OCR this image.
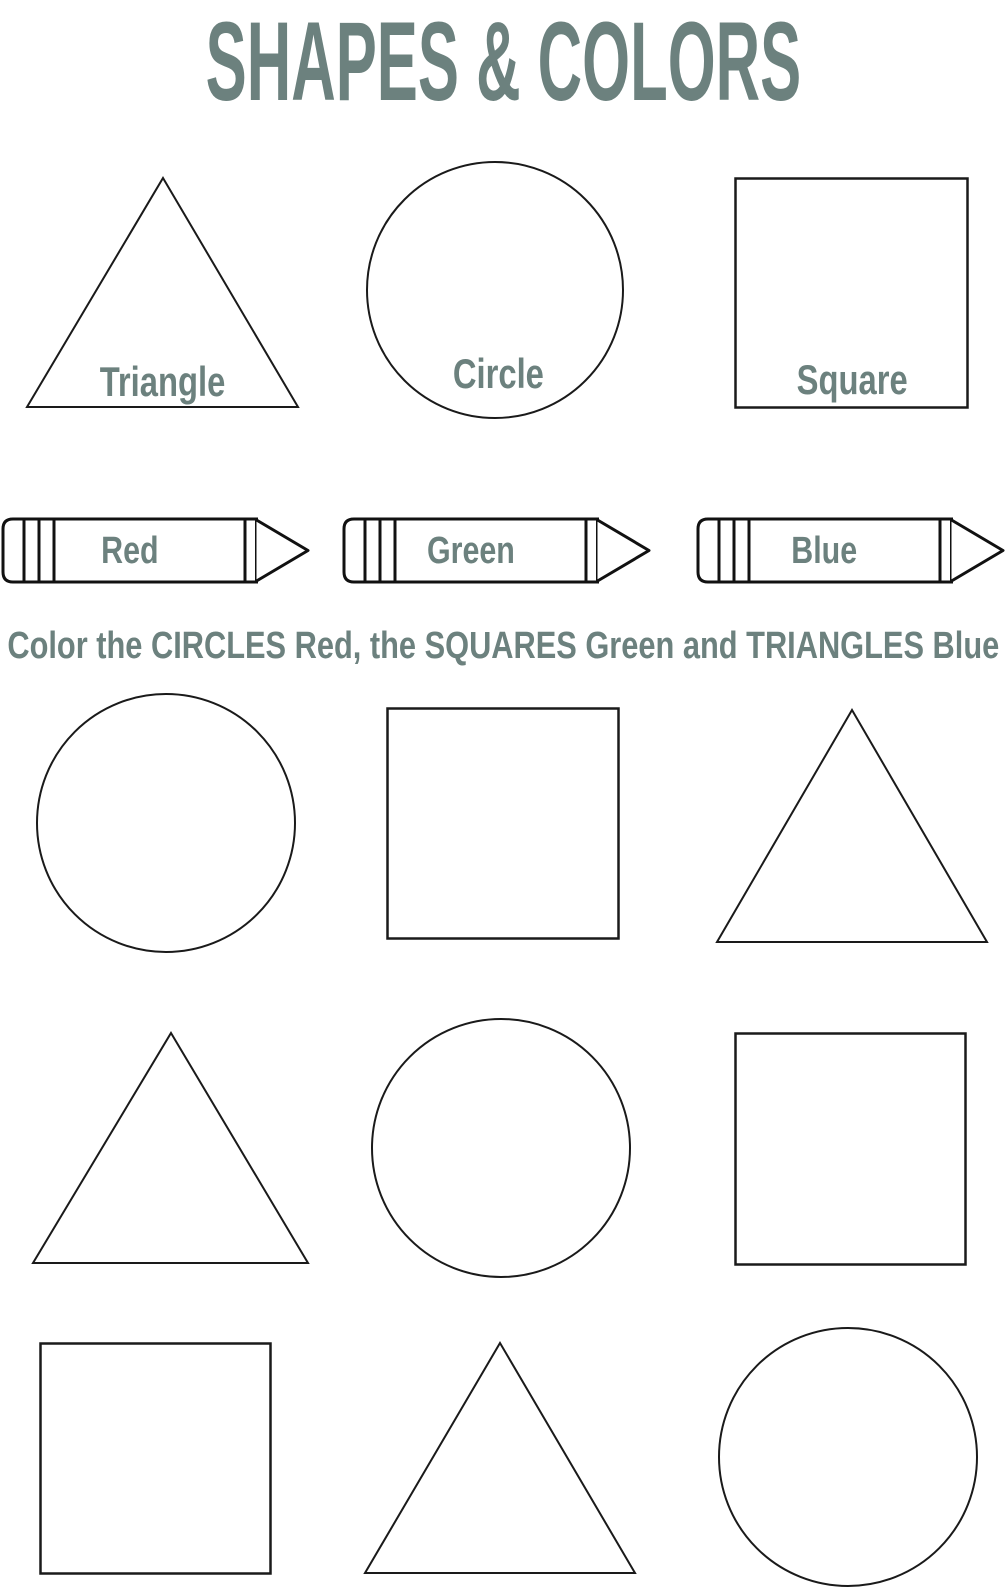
SHAPES & COLORS
Triangle	Circle	Square
Red	Green	Blue
Color the CIRCLES Red, the SQUARES Green and TRIANGLES Blue
